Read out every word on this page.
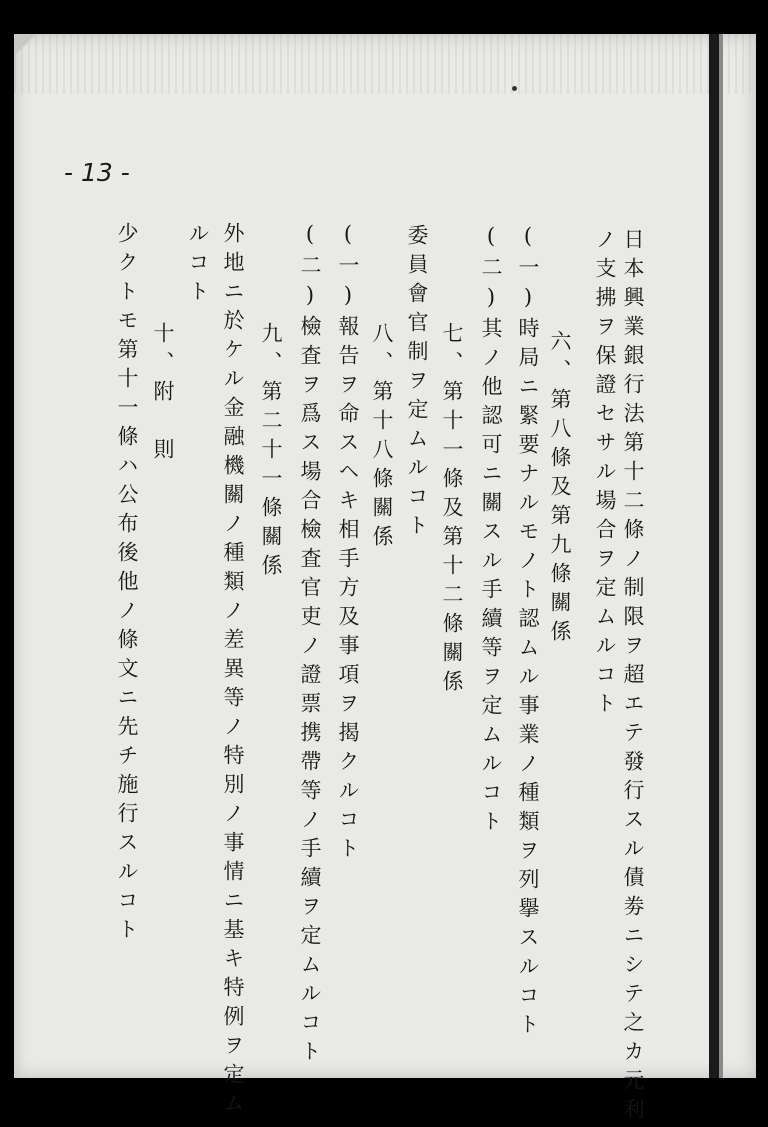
- 13 -
日本興業銀行法第十二條ノ制限ヲ超エテ發行スル債劵ニシテ之カ元利
ノ支拂ヲ保證セサル場合ヲ定ムルコト
六、第八條及第九條關係
(一)時局ニ緊要ナルモノト認ムル事業ノ種類ヲ列擧スルコト
(二)其ノ他認可ニ關スル手續等ヲ定ムルコト
七、第十一條及第十二條關係
委員會官制ヲ定ムルコト
八、第十八條關係
(一)報告ヲ命スヘキ相手方及事項ヲ揭クルコト
(二)檢査ヲ爲ス場合檢査官吏ノ證票携帶等ノ手續ヲ定ムルコト
九、第二十一條關係
外地ニ於ケル金融機關ノ種類ノ差異等ノ特別ノ事情ニ基キ特例ヲ定ム
ルコト
十、附　則
少クトモ第十一條ハ公布後他ノ條文ニ先チ施行スルコト
